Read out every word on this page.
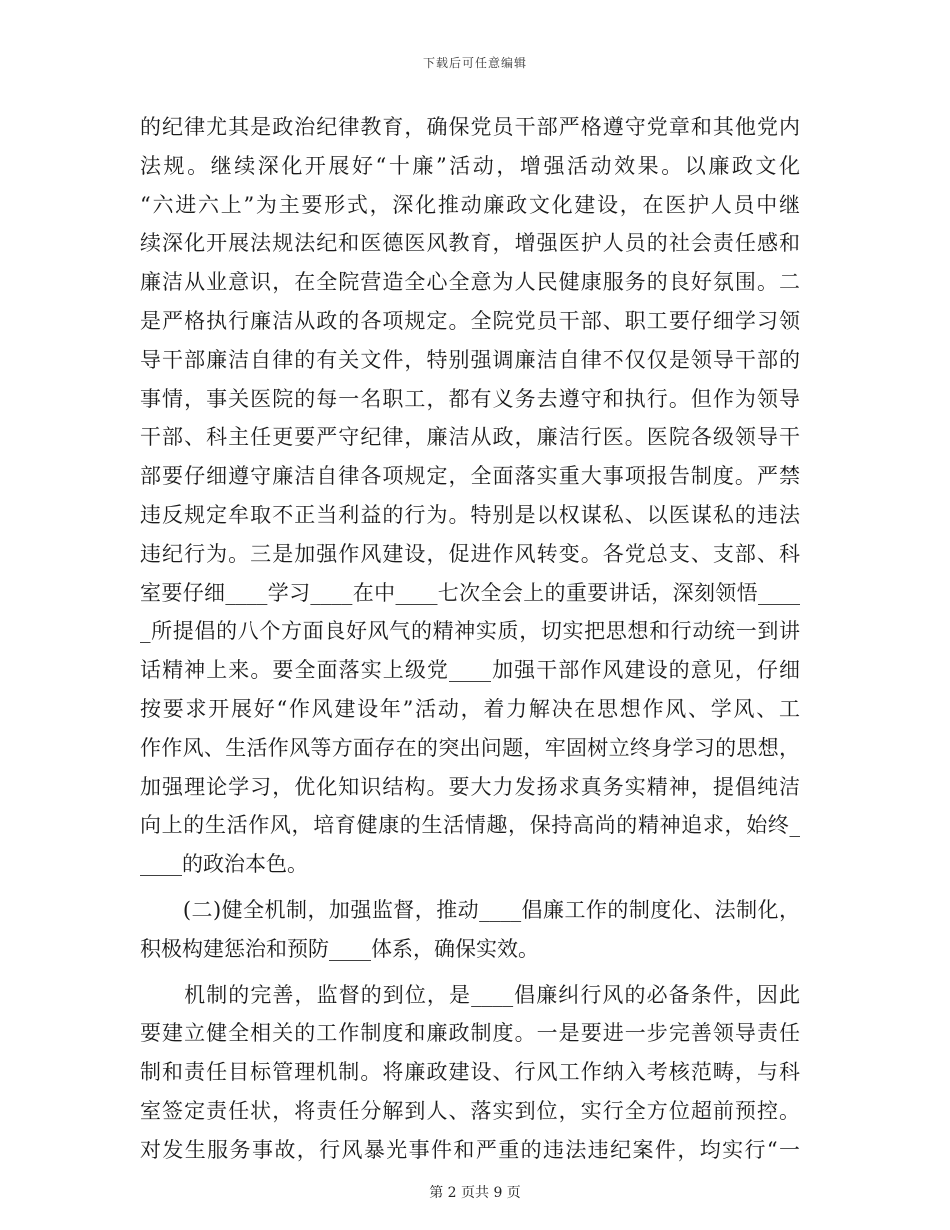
下载后可任意编辑
的纪律尤其是政治纪律教育，确保党员干部严格遵守党章和其他党内
法规。继续深化开展好“十廉”活动，增强活动效果。以廉政文化
“六进六上”为主要形式，深化推动廉政文化建设，在医护人员中继
续深化开展法规法纪和医德医风教育，增强医护人员的社会责任感和
廉洁从业意识，在全院营造全心全意为人民健康服务的良好氛围。二
是严格执行廉洁从政的各项规定。全院党员干部、职工要仔细学习领
导干部廉洁自律的有关文件，特别强调廉洁自律不仅仅是领导干部的
事情，事关医院的每一名职工，都有义务去遵守和执行。但作为领导
干部、科主任更要严守纪律，廉洁从政，廉洁行医。医院各级领导干
部要仔细遵守廉洁自律各项规定，全面落实重大事项报告制度。严禁
违反规定牟取不正当利益的行为。特别是以权谋私、以医谋私的违法
违纪行为。三是加强作风建设，促进作风转变。各党总支、支部、科
室要仔细____学习____在中____七次全会上的重要讲话，深刻领悟____
_所提倡的八个方面良好风气的精神实质，切实把思想和行动统一到讲
话精神上来。要全面落实上级党____加强干部作风建设的意见，仔细
按要求开展好“作风建设年”活动，着力解决在思想作风、学风、工
作作风、生活作风等方面存在的突出问题，牢固树立终身学习的思想，
加强理论学习，优化知识结构。要大力发扬求真务实精神，提倡纯洁
向上的生活作风，培育健康的生活情趣，保持高尚的精神追求，始终_
____的政治本色。
　　(二)健全机制，加强监督，推动____倡廉工作的制度化、法制化，
积极构建惩治和预防____体系，确保实效。
　　机制的完善，监督的到位，是____倡廉纠行风的必备条件，因此
要建立健全相关的工作制度和廉政制度。一是要进一步完善领导责任
制和责任目标管理机制。将廉政建设、行风工作纳入考核范畴，与科
室签定责任状，将责任分解到人、落实到位，实行全方位超前预控。
对发生服务事故，行风暴光事件和严重的违法违纪案件，均实行“一
第 2 页共 9 页
